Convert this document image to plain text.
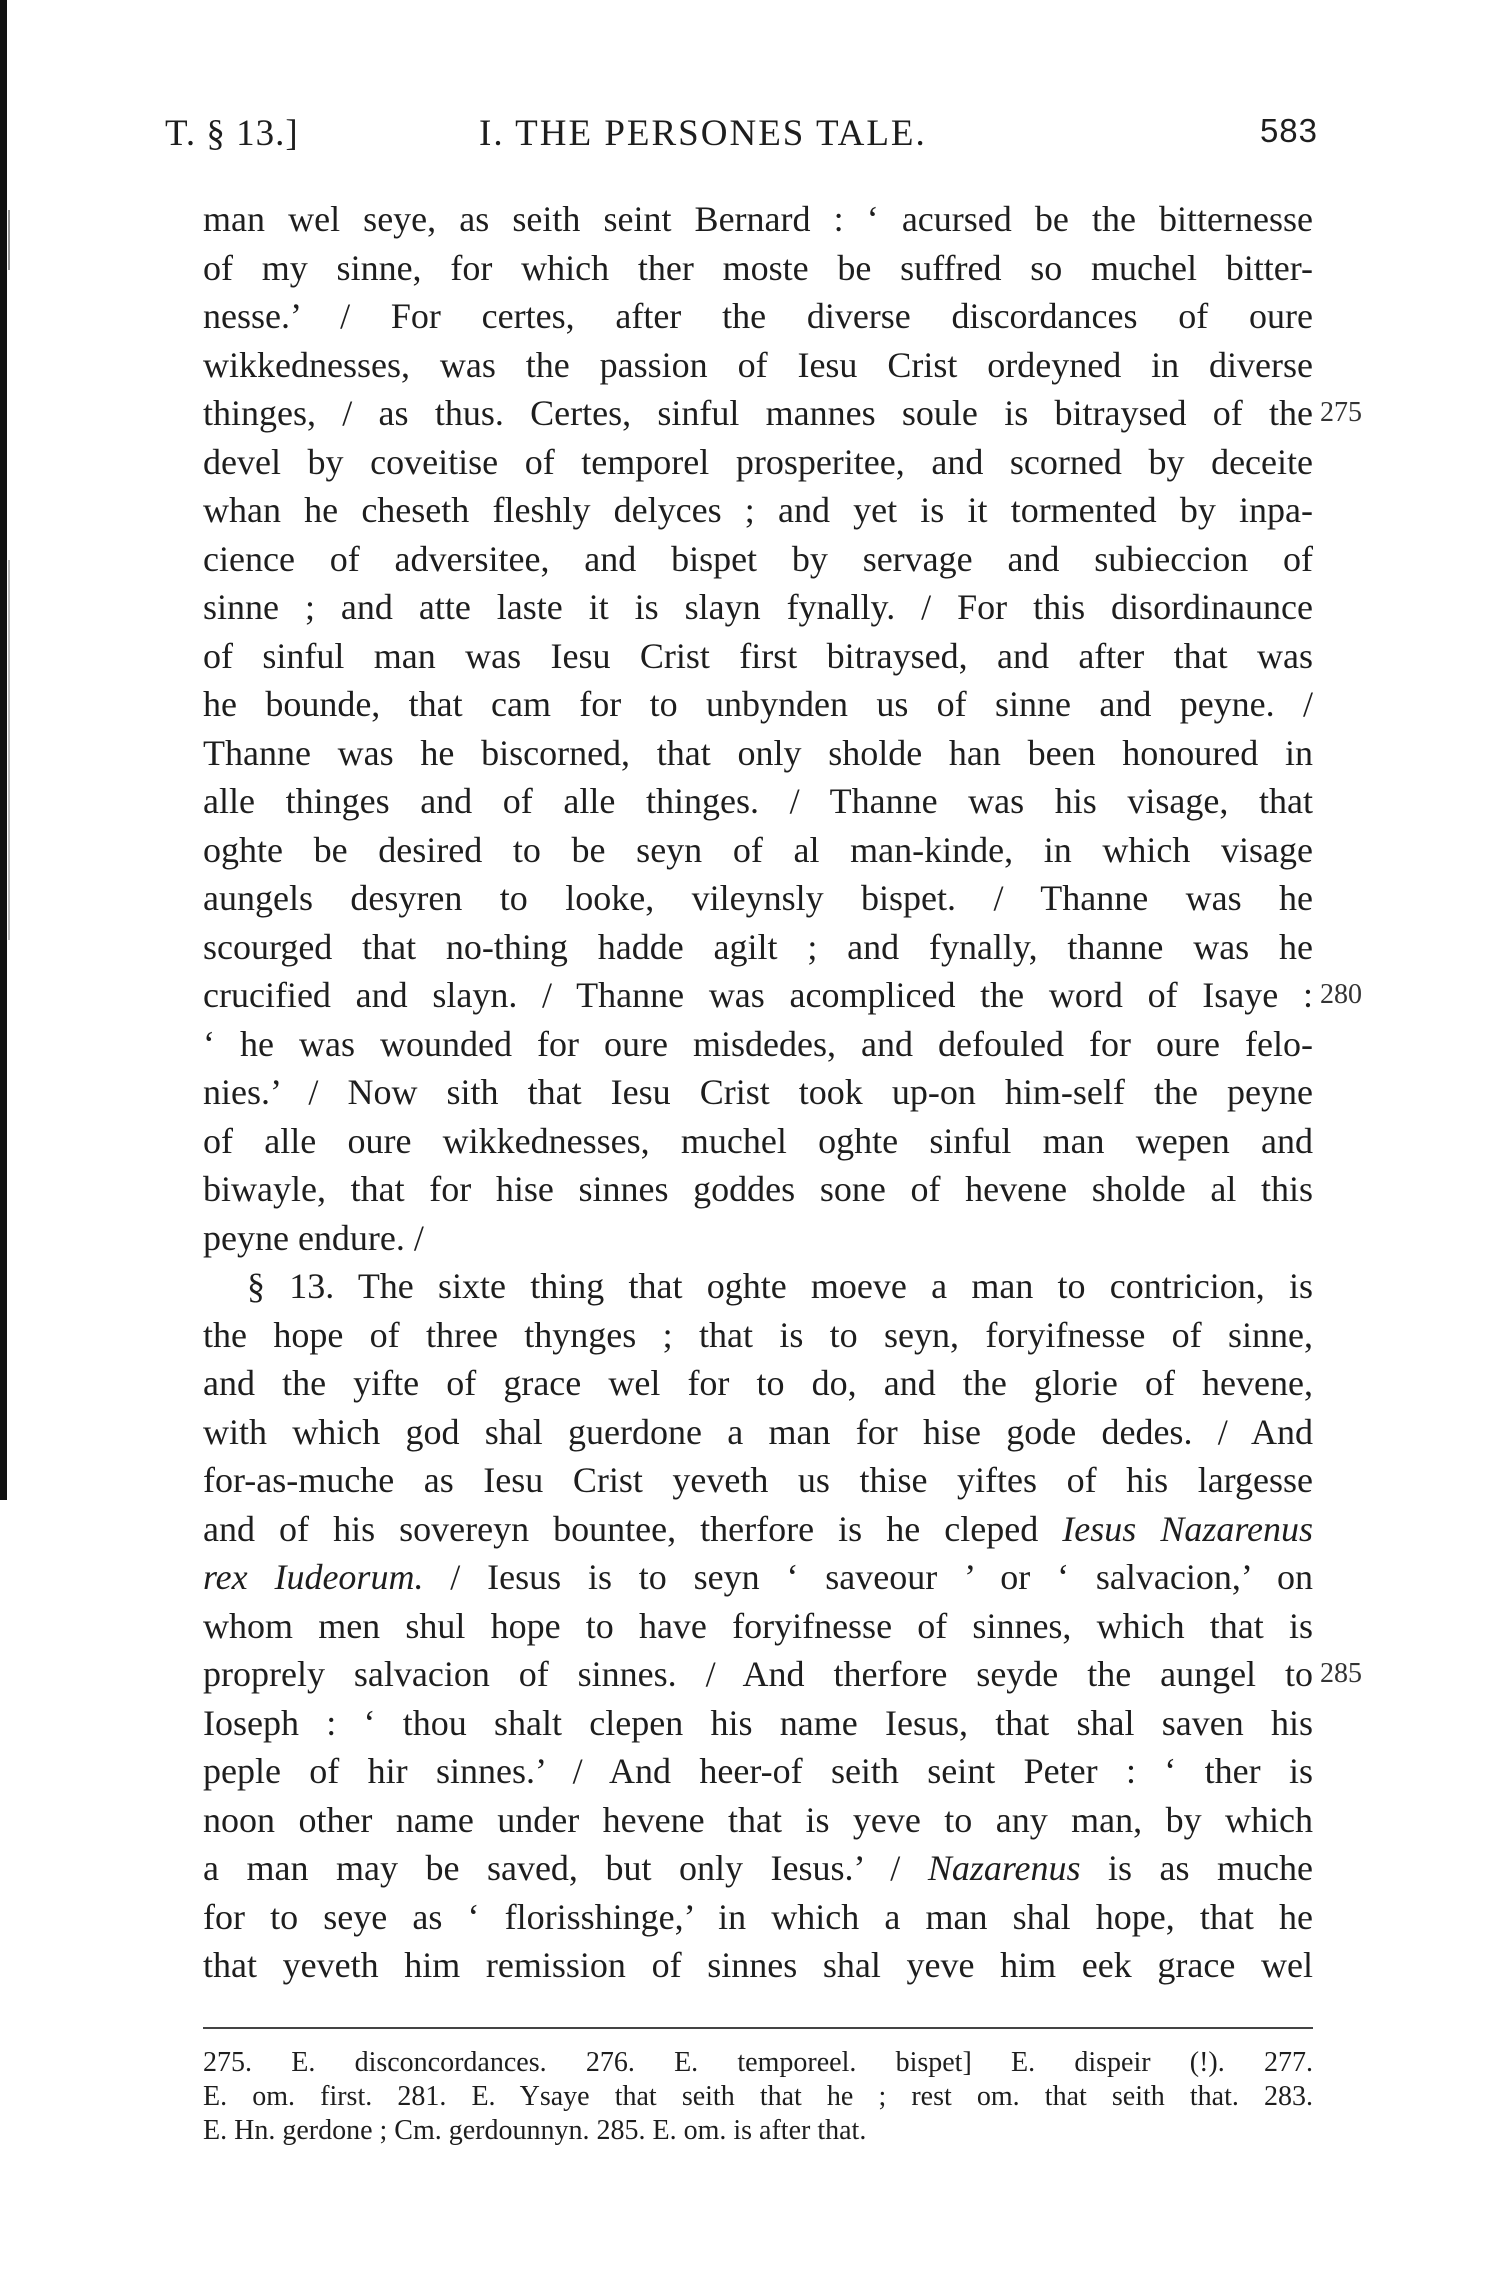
T. § 13.]	I. THE PERSONES TALE.	583
man wel seye, as seith seint Bernard : ‘ acursed be the bitternesse
of my sinne, for which ther moste be suffred so muchel bitter-
nesse.’ / For certes, after the diverse discordances of oure
wikkednesses, was the passion of Iesu Crist ordeyned in diverse
thinges, / as thus. Certes, sinful mannes soule is bitraysed of the 275
devel by coveitise of temporel prosperitee, and scorned by deceite
whan he cheseth fleshly delyces ; and yet is it tormented by inpa-
cience of adversitee, and bispet by servage and subieccion of
sinne ; and atte laste it is slayn fynally. / For this disordinaunce
of sinful man was Iesu Crist first bitraysed, and after that was
he bounde, that cam for to unbynden us of sinne and peyne. /
Thanne was he biscorned, that only sholde han been honoured in
alle thinges and of alle thinges. / Thanne was his visage, that
oghte be desired to be seyn of al man-kinde, in which visage
aungels desyren to looke, vileynsly bispet. / Thanne was he
scourged that no-thing hadde agilt ; and fynally, thanne was he
crucified and slayn. / Thanne was acompliced the word of Isaye : 280
‘ he was wounded for oure misdedes, and defouled for oure felo-
nies.’ / Now sith that Iesu Crist took up-on him-self the peyne
of alle oure wikkednesses, muchel oghte sinful man wepen and
biwayle, that for hise sinnes goddes sone of hevene sholde al this
peyne endure. /
§ 13. The sixte thing that oghte moeve a man to contricion, is
the hope of three thynges ; that is to seyn, foryifnesse of sinne,
and the yifte of grace wel for to do, and the glorie of hevene,
with which god shal guerdone a man for hise gode dedes. / And
for-as-muche as Iesu Crist yeveth us thise yiftes of his largesse
and of his sovereyn bountee, therfore is he cleped Iesus Nazarenus
rex Iudeorum. / Iesus is to seyn ‘ saveour ’ or ‘ salvacion,’ on
whom men shul hope to have foryifnesse of sinnes, which that is
proprely salvacion of sinnes. / And therfore seyde the aungel to 285
Ioseph : ‘ thou shalt clepen his name Iesus, that shal saven his
peple of hir sinnes.’ / And heer-of seith seint Peter : ‘ ther is
noon other name under hevene that is yeve to any man, by which
a man may be saved, but only Iesus.’ / Nazarenus is as muche
for to seye as ‘ florisshinge,’ in which a man shal hope, that he
that yeveth him remission of sinnes shal yeve him eek grace wel
275. E. disconcordances. 276. E. temporeel. bispet] E. dispeir (!). 277.
E. om. first. 281. E. Ysaye that seith that he ; rest om. that seith that. 283.
E. Hn. gerdone ; Cm. gerdounnyn. 285. E. om. is after that.
